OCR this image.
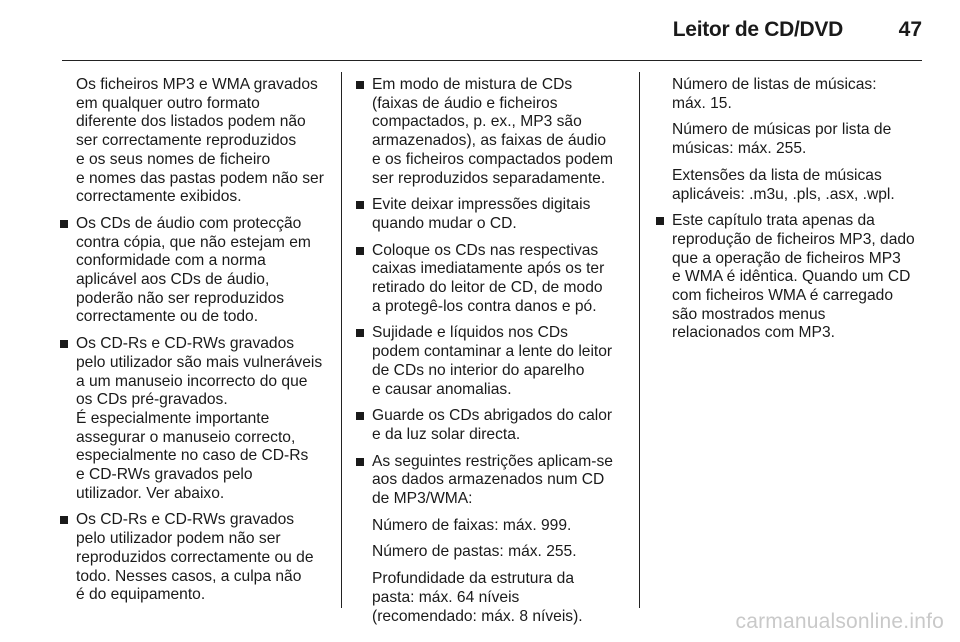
Leitor de CD/DVD	47

Os ficheiros MP3 e WMA gravados
em qualquer outro formato
diferente dos listados podem não
ser correctamente reproduzidos
e os seus nomes de ficheiro
e nomes das pastas podem não ser
correctamente exibidos.

Os CDs de áudio com protecção
contra cópia, que não estejam em
conformidade com a norma
aplicável aos CDs de áudio,
poderão não ser reproduzidos
correctamente ou de todo.
Os CD-Rs e CD-RWs gravados
pelo utilizador são mais vulneráveis
a um manuseio incorrecto do que
os CDs pré-gravados.
É especialmente importante
assegurar o manuseio correcto,
especialmente no caso de CD-Rs
e CD-RWs gravados pelo
utilizador. Ver abaixo.
Os CD-Rs e CD-RWs gravados
pelo utilizador podem não ser
reproduzidos correctamente ou de
todo. Nesses casos, a culpa não
é do equipamento.
Em modo de mistura de CDs
(faixas de áudio e ficheiros
compactados, p. ex., MP3 são
armazenados), as faixas de áudio
e os ficheiros compactados podem
ser reproduzidos separadamente.
Evite deixar impressões digitais
quando mudar o CD.
Coloque os CDs nas respectivas
caixas imediatamente após os ter
retirado do leitor de CD, de modo
a protegê-los contra danos e pó.
Sujidade e líquidos nos CDs
podem contaminar a lente do leitor
de CDs no interior do aparelho
e causar anomalias.
Guarde os CDs abrigados do calor
e da luz solar directa.
As seguintes restrições aplicam-se
aos dados armazenados num CD
de MP3/WMA:

Número de faixas: máx. 999.

Número de pastas: máx. 255.

Profundidade da estrutura da
pasta: máx. 64 níveis
(recomendado: máx. 8 níveis).

Número de listas de músicas:
máx. 15.

Número de músicas por lista de
músicas: máx. 255.

Extensões da lista de músicas
aplicáveis: .m3u, .pls, .asx, .wpl.

Este capítulo trata apenas da
reprodução de ficheiros MP3, dado
que a operação de ficheiros MP3
e WMA é idêntica. Quando um CD
com ficheiros WMA é carregado
são mostrados menus
relacionados com MP3.
carmanualsonline.info
